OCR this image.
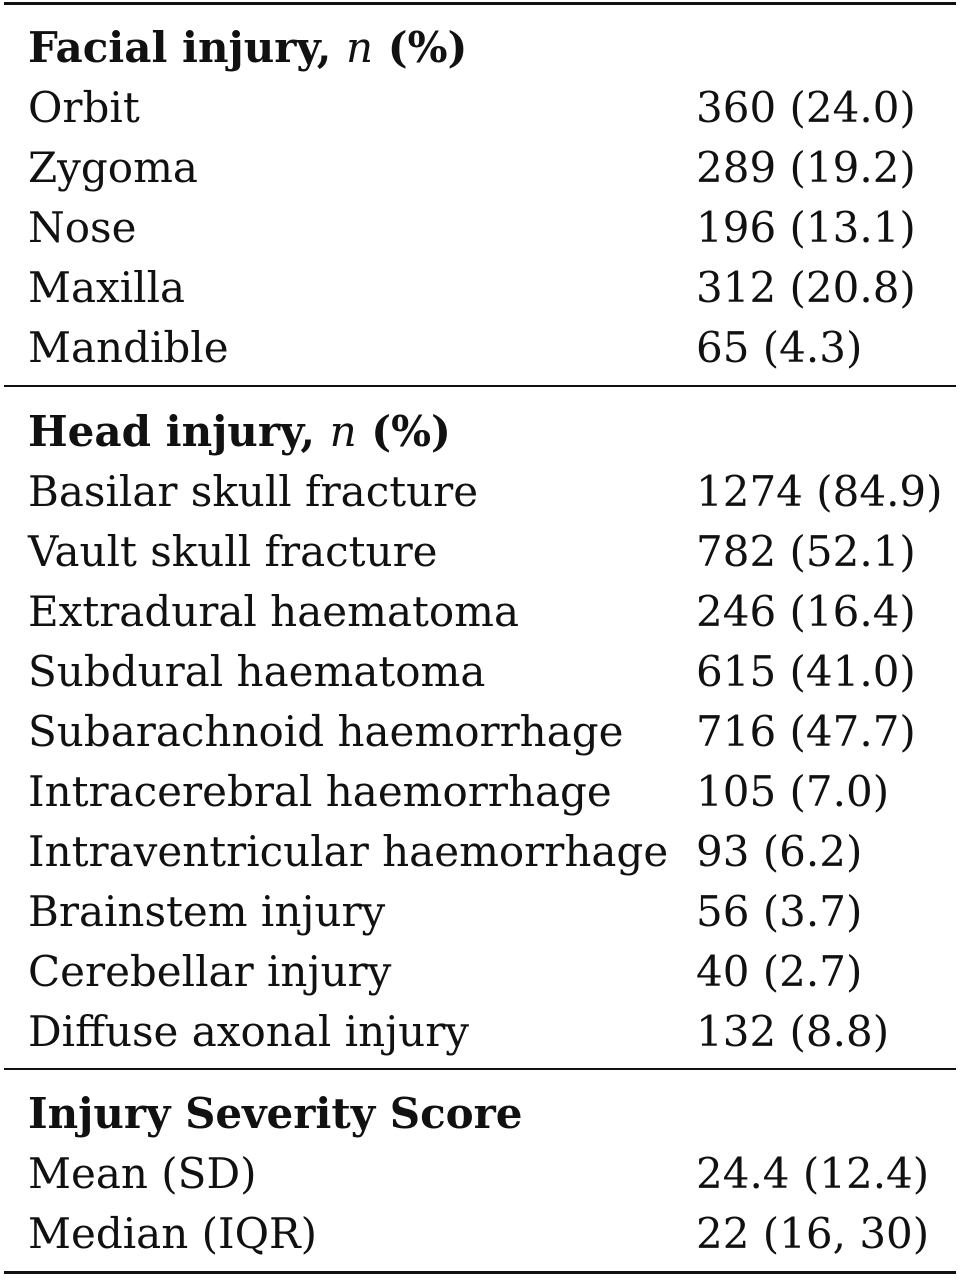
Facial injury, n (%)
Orbit	360 (24.0)
Zygoma	289 (19.2)
Nose	196 (13.1)
Maxilla	312 (20.8)
Mandible	65 (4.3)
Head injury, n (%)
Basilar skull fracture	1274 (84.9)
Vault skull fracture	782 (52.1)
Extradural haematoma	246 (16.4)
Subdural haematoma	615 (41.0)
Subarachnoid haemorrhage 716 (47.7)
Intracerebral haemorrhage 105 (7.0)
Intraventricular haemorrhage 93 (6.2)
Brainstem injury	56 (3.7)
Cerebellar injury	40 (2.7)
Diffuse axonal injury	132 (8.8)
Injury Severity Score
Mean (SD)	24.4 (12.4)
Median (IQR)	22 (16, 30)
